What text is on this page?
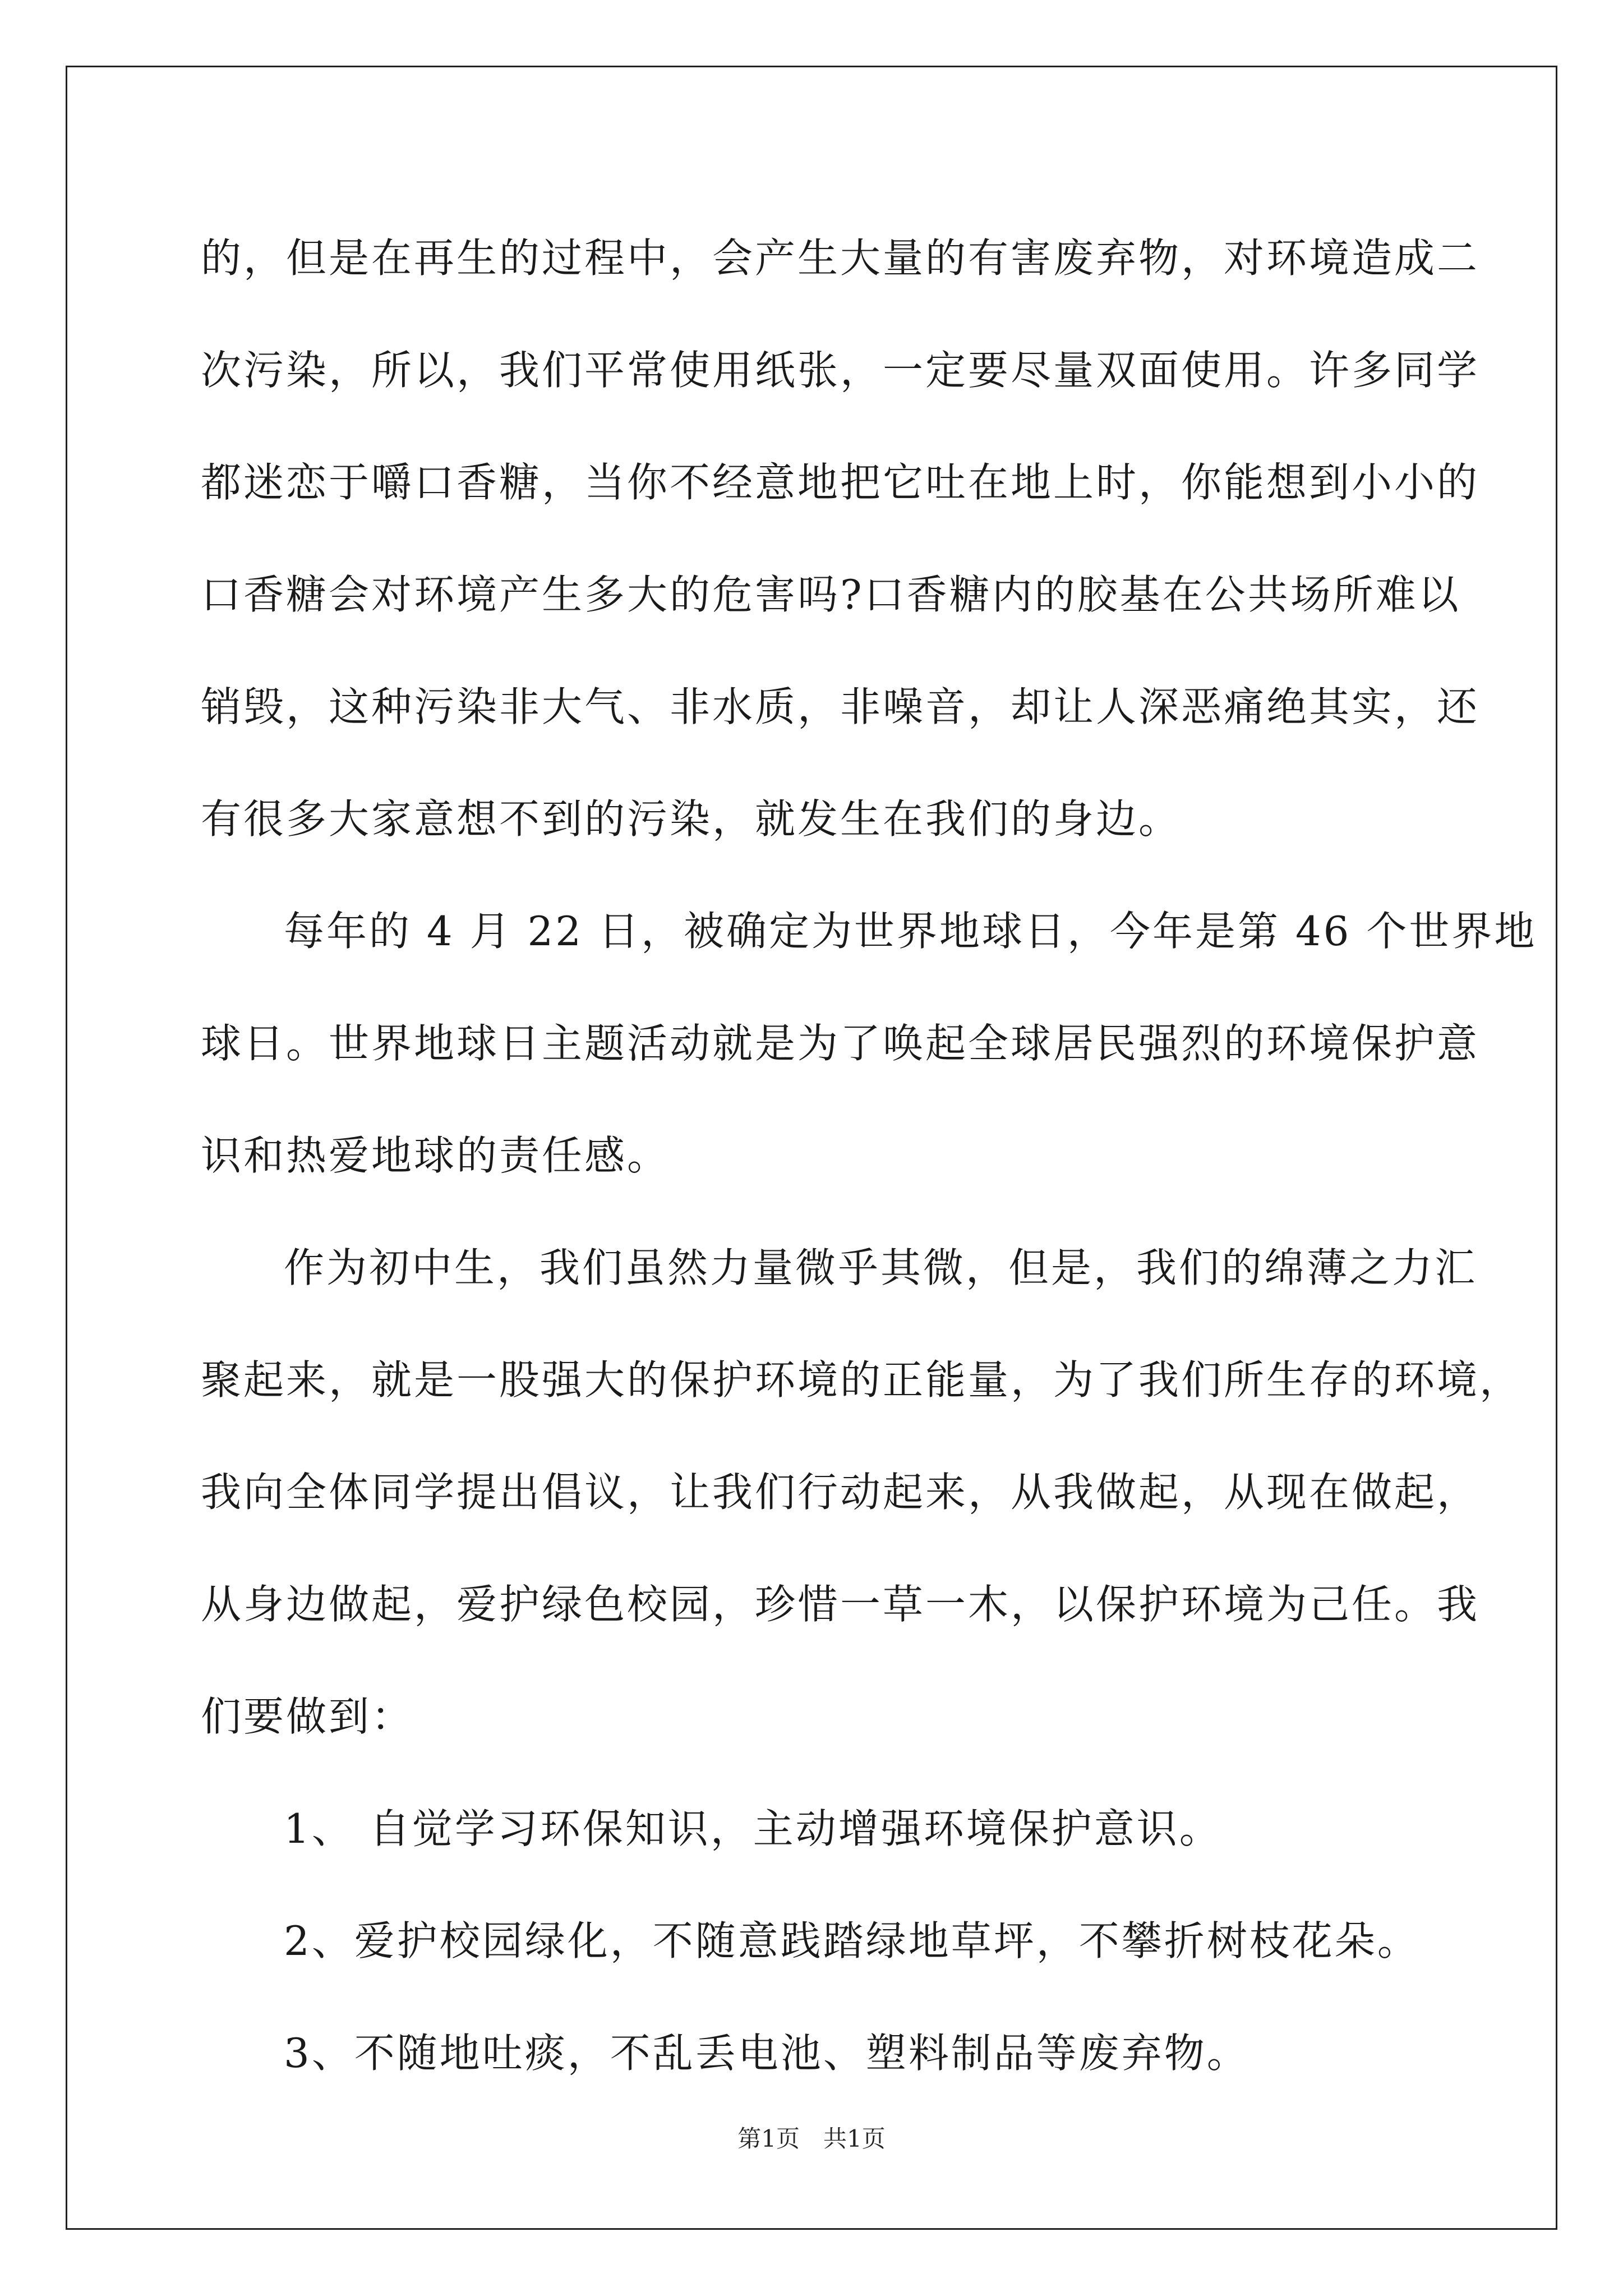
的，但是在再生的过程中，会产生大量的有害废弃物，对环境造成二

次污染，所以，我们平常使用纸张，一定要尽量双面使用。许多同学

都迷恋于嚼口香糖，当你不经意地把它吐在地上时，你能想到小小的

口香糖会对环境产生多大的危害吗?口香糖内的胶基在公共场所难以

销毁，这种污染非大气、非水质，非噪音，却让人深恶痛绝其实，还

有很多大家意想不到的污染，就发生在我们的身边。

每年的 4 月 22 日，被确定为世界地球日，今年是第 46 个世界地

球日。世界地球日主题活动就是为了唤起全球居民强烈的环境保护意

识和热爱地球的责任感。

作为初中生，我们虽然力量微乎其微，但是，我们的绵薄之力汇

聚起来，就是一股强大的保护环境的正能量，为了我们所生存的环境，

我向全体同学提出倡议，让我们行动起来，从我做起，从现在做起，

从身边做起，爱护绿色校园，珍惜一草一木，以保护环境为己任。我

们要做到：

1、 自觉学习环保知识，主动增强环境保护意识。

2、爱护校园绿化，不随意践踏绿地草坪，不攀折树枝花朵。

3、不随地吐痰，不乱丢电池、塑料制品等废弃物。

第1页　共1页
